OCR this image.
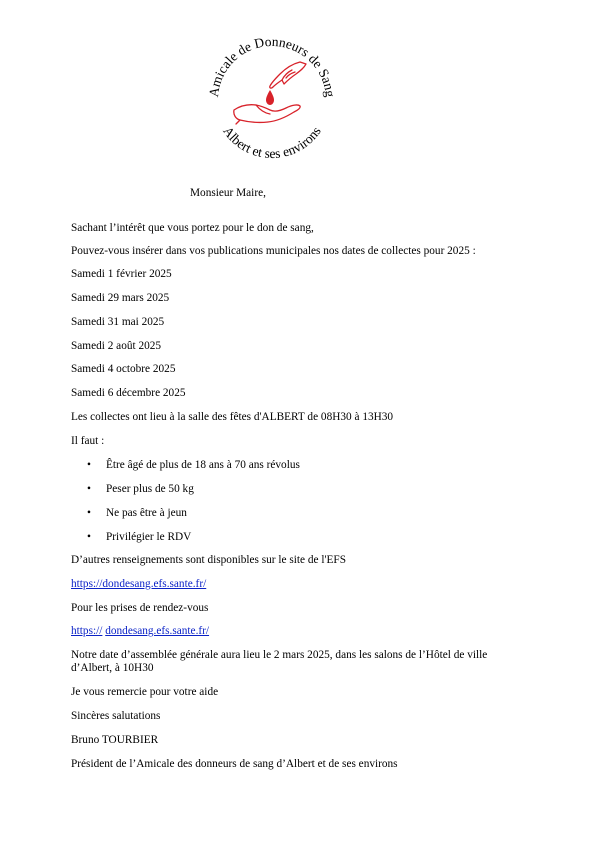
Amicale de Donneurs de Sang
Albert et ses environs
Monsieur Maire,
Sachant l’intérêt que vous portez pour le don de sang,
Pouvez-vous insérer dans vos publications municipales nos dates de collectes pour 2025 :
Samedi 1 février 2025
Samedi 29 mars 2025
Samedi 31 mai 2025
Samedi 2 août 2025
Samedi 4 octobre 2025
Samedi 6 décembre 2025
Les collectes ont lieu à la salle des fêtes d'ALBERT de 08H30 à 13H30
Il faut :
• Être âgé de plus de 18 ans à 70 ans révolus
• Peser plus de 50 kg
• Ne pas être à jeun
• Privilégier le RDV
D’autres renseignements sont disponibles sur le site de l'EFS
https://dondesang.efs.sante.fr/
Pour les prises de rendez-vous
https:// dondesang.efs.sante.fr/
Notre date d’assemblée générale aura lieu le 2 mars 2025, dans les salons de l’Hôtel de ville
d’Albert, à 10H30
Je vous remercie pour votre aide
Sincères salutations
Bruno TOURBIER
Président de l’Amicale des donneurs de sang d’Albert et de ses environs
